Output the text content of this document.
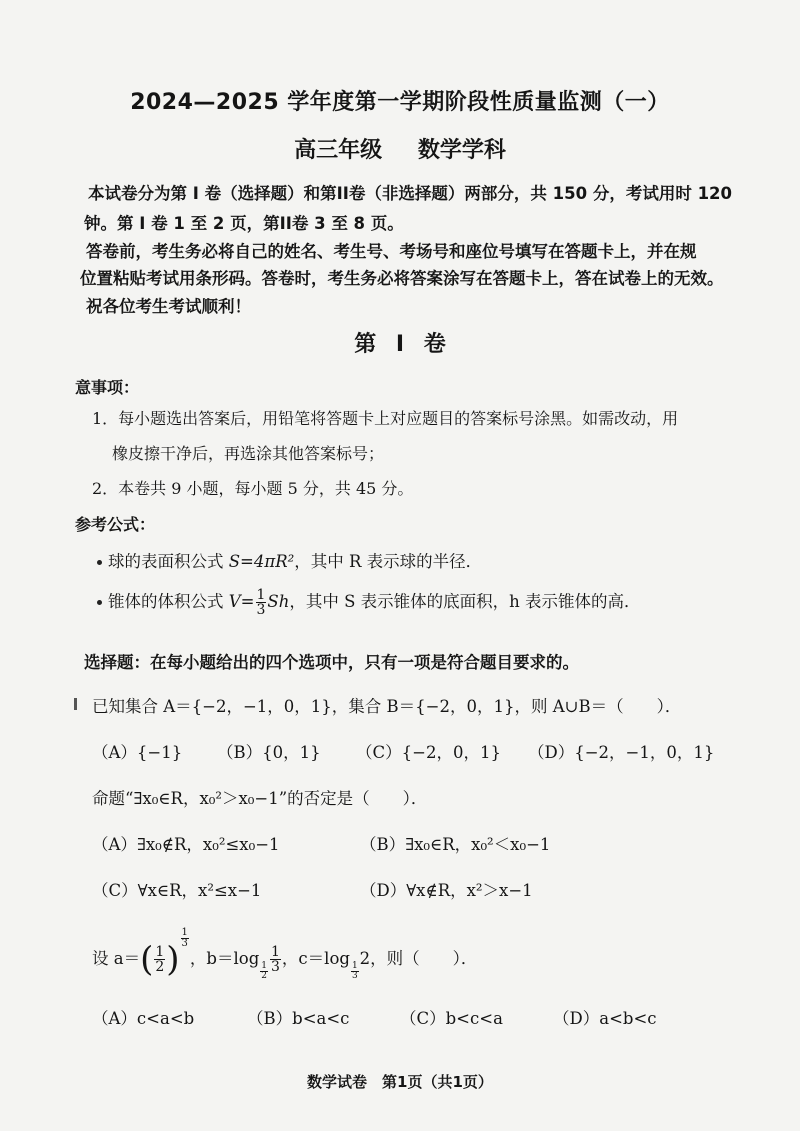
2024—2025 学年度第一学期阶段性质量监测（一）
高三年级 数学学科
本试卷分为第 I 卷（选择题）和第II卷（非选择题）两部分，共 150 分，考试用时 120
钟。第 I 卷 1 至 2 页，第II卷 3 至 8 页。
答卷前，考生务必将自己的姓名、考生号、考场号和座位号填写在答题卡上，并在规
位置粘贴考试用条形码。答卷时，考生务必将答案涂写在答题卡上，答在试卷上的无效。
祝各位考生考试顺利！
第 I 卷
意事项：
1．每小题选出答案后，用铅笔将答题卡上对应题目的答案标号涂黑。如需改动，用
橡皮擦干净后，再选涂其他答案标号；
2．本卷共 9 小题，每小题 5 分，共 45 分。
参考公式：
球的表面积公式 S=4πR²，其中 R 表示球的半径．
锥体的体积公式 $V= \frac{1}{3}$ Sh，其中 S 表示锥体的底面积，h 表示锥体的高．
选择题：在每小题给出的四个选项中，只有一项是符合题目要求的。
已知集合 A＝{−2，−1，0，1}，集合 B＝{−2，0，1}，则 A∪B＝（　　）．
（A）{−1} （B）{0，1} （C）{−2，0，1} （D）{−2，−1，0，1}
命题“∃x₀∈R，x₀²＞x₀−1”的否定是（　　）．
（A）∃x₀∉R，x₀²≤x₀−1	（B）∃x₀∈R，x₀²＜x₀−1
（C）∀x∈R，x²≤x−1	（D）∀x∉R，x²＞x−1
设 $a=( \frac{1}{2}$ )
$\frac{1}{3}$
，b＝log
$\frac{1}{2} \frac{1}{3}$ ，c＝log
$\frac{1}{3}$
2，则（　　）．
（A）c<a<b	（B）b<a<c	（C）b<c<a	（D）a<b<c
数学试卷　第1页（共1页）
